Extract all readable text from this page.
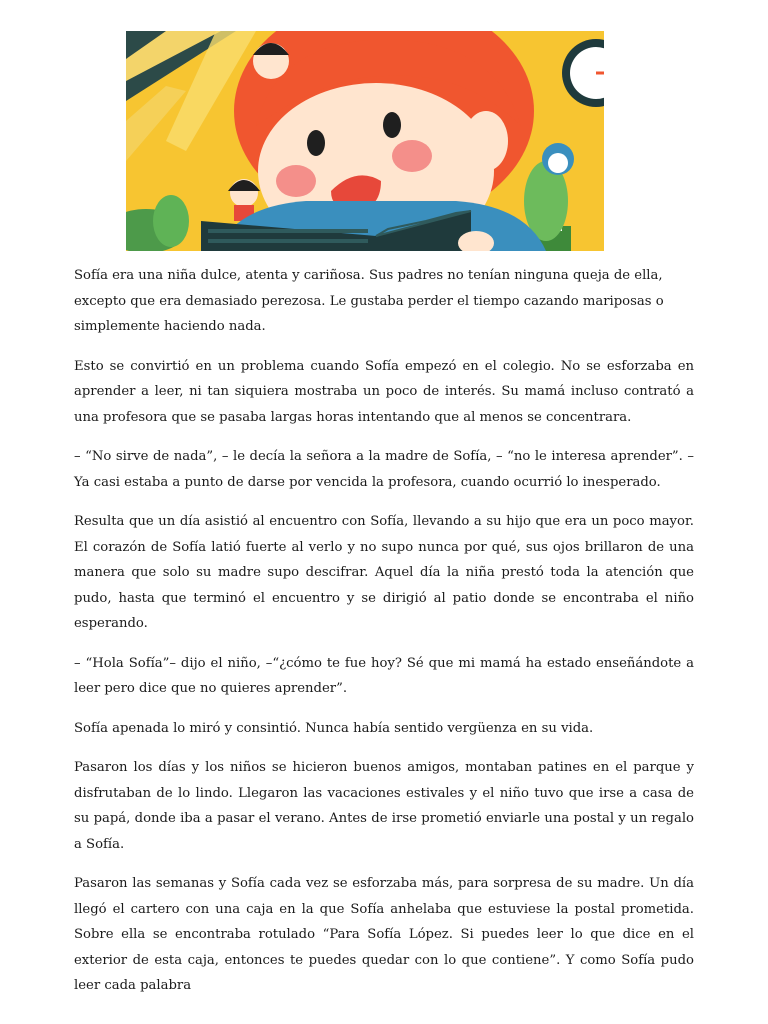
Sofía era una niña dulce, atenta y cariñosa. Sus padres no tenían ninguna queja de ella, excepto que era demasiado perezosa. Le gustaba perder el tiempo cazando mariposas o simplemente haciendo nada.

Esto se convirtió en un problema cuando Sofía empezó en el colegio. No se esforzaba en aprender a leer, ni tan siquiera mostraba un poco de interés. Su mamá incluso contrató a una profesora que se pasaba largas horas intentando que al menos se concentrara.

– “No sirve de nada”, – le decía la señora a la madre de Sofía, – “no le interesa aprender”. – Ya casi estaba a punto de darse por vencida la profesora, cuando ocurrió lo inesperado.

Resulta que un día asistió al encuentro con Sofía, llevando a su hijo que era un poco mayor. El corazón de Sofía latió fuerte al verlo y no supo nunca por qué, sus ojos brillaron de una manera que solo su madre supo descifrar. Aquel día la niña prestó toda la atención que pudo, hasta que terminó el encuentro y se dirigió al patio donde se encontraba el niño esperando.

– “Hola Sofía”– dijo el niño, –“¿cómo te fue hoy? Sé que mi mamá ha estado enseñándote a leer pero dice que no quieres aprender”.

Sofía apenada lo miró y consintió. Nunca había sentido vergüenza en su vida.

Pasaron los días y los niños se hicieron buenos amigos, montaban patines en el parque y disfrutaban de lo lindo. Llegaron las vacaciones estivales y el niño tuvo que irse a casa de su papá, donde iba a pasar el verano. Antes de irse prometió enviarle una postal y un regalo a Sofía.

Pasaron las semanas y Sofía cada vez se esforzaba más, para sorpresa de su madre. Un día llegó el cartero con una caja en la que Sofía anhelaba que estuviese la postal prometida. Sobre ella se encontraba rotulado “Para Sofía López. Si puedes leer lo que dice en el exterior de esta caja, entonces te puedes quedar con lo que contiene”. Y como Sofía pudo leer cada palabra
